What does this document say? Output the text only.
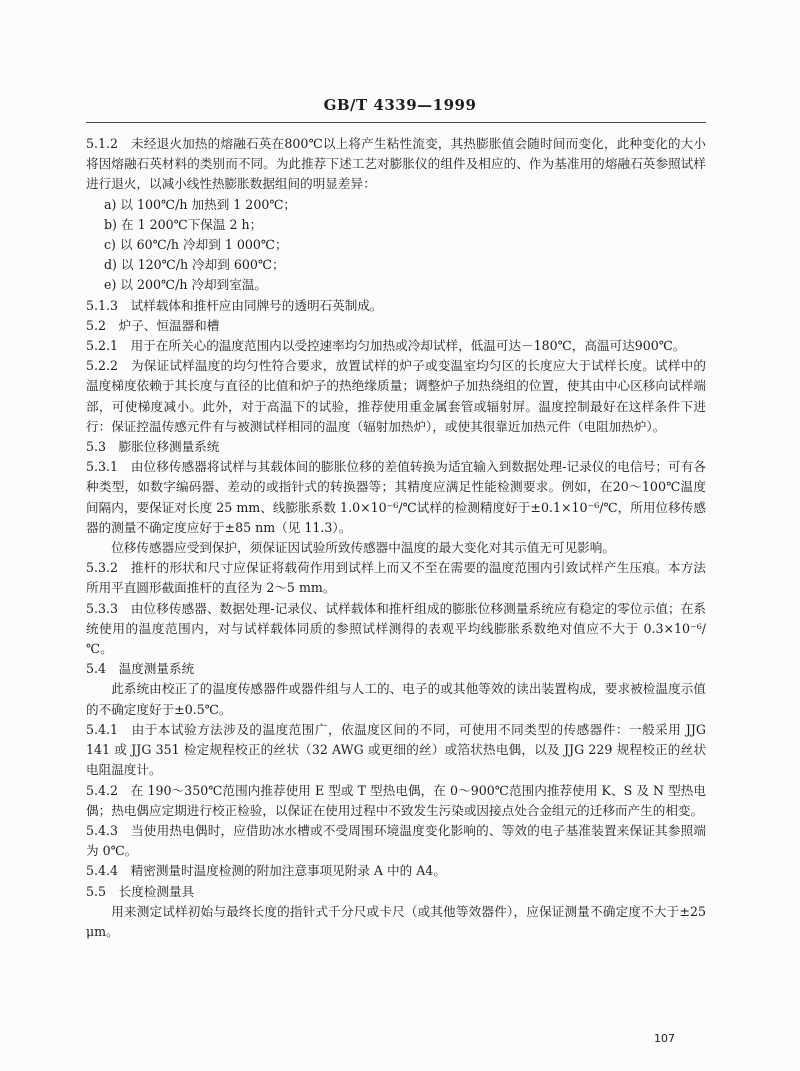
GB/T 4339—1999

5.1.2　未经退火加热的熔融石英在800℃以上将产生粘性流变，其热膨胀值会随时间而变化，此种变化的大小将因熔融石英材料的类别而不同。为此推荐下述工艺对膨胀仪的组件及相应的、作为基准用的熔融石英参照试样进行退火，以减小线性热膨胀数据组间的明显差异：

a) 以 100℃/h 加热到 1 200℃；

b) 在 1 200℃下保温 2 h；

c) 以 60℃/h 冷却到 1 000℃；

d) 以 120℃/h 冷却到 600℃；

e) 以 200℃/h 冷却到室温。

5.1.3　试样载体和推杆应由同牌号的透明石英制成。

5.2　炉子、恒温器和槽

5.2.1　用于在所关心的温度范围内以受控速率均匀加热或冷却试样，低温可达－180℃，高温可达900℃。

5.2.2　为保证试样温度的均匀性符合要求，放置试样的炉子或变温室均匀区的长度应大于试样长度。试样中的温度梯度依赖于其长度与直径的比值和炉子的热绝缘质量；调整炉子加热绕组的位置，使其由中心区移向试样端部，可使梯度减小。此外，对于高温下的试验，推荐使用重金属套管或辐射屏。温度控制最好在这样条件下进行：保证控温传感元件有与被测试样相同的温度（辐射加热炉），或使其很靠近加热元件（电阻加热炉）。

5.3　膨胀位移测量系统

5.3.1　由位移传感器将试样与其载体间的膨胀位移的差值转换为适宜输入到数据处理-记录仪的电信号；可有各种类型，如数字编码器、差动的或指针式的转换器等；其精度应满足性能检测要求。例如，在20～100℃温度间隔内，要保证对长度 25 mm、线膨胀系数 1.0×10⁻⁶/℃试样的检测精度好于±0.1×10⁻⁶/℃，所用位移传感器的测量不确定度应好于±85 nm（见 11.3）。

位移传感器应受到保护，须保证因试验所致传感器中温度的最大变化对其示值无可见影响。

5.3.2　推杆的形状和尺寸应保证将载荷作用到试样上而又不至在需要的温度范围内引致试样产生压痕。本方法所用平直圆形截面推杆的直径为 2～5 mm。

5.3.3　由位移传感器、数据处理-记录仪、试样载体和推杆组成的膨胀位移测量系统应有稳定的零位示值；在系统使用的温度范围内，对与试样载体同质的参照试样测得的表观平均线膨胀系数绝对值应不大于 0.3×10⁻⁶/℃。

5.4　温度测量系统

此系统由校正了的温度传感器件或器件组与人工的、电子的或其他等效的读出装置构成，要求被检温度示值的不确定度好于±0.5℃。

5.4.1　由于本试验方法涉及的温度范围广，依温度区间的不同，可使用不同类型的传感器件：一般采用 JJG 141 或 JJG 351 检定规程校正的丝状（32 AWG 或更细的丝）或箔状热电偶，以及 JJG 229 规程校正的丝状电阻温度计。

5.4.2　在 190～350℃范围内推荐使用 E 型或 T 型热电偶，在 0～900℃范围内推荐使用 K、S 及 N 型热电偶；热电偶应定期进行校正检验，以保证在使用过程中不致发生污染或因接点处合金组元的迁移而产生的相变。

5.4.3　当使用热电偶时，应借助冰水槽或不受周围环境温度变化影响的、等效的电子基准装置来保证其参照端为 0℃。

5.4.4　精密测量时温度检测的附加注意事项见附录 A 中的 A4。

5.5　长度检测量具

用来测定试样初始与最终长度的指针式千分尺或卡尺（或其他等效器件），应保证测量不确定度不大于±25 μm。

107
